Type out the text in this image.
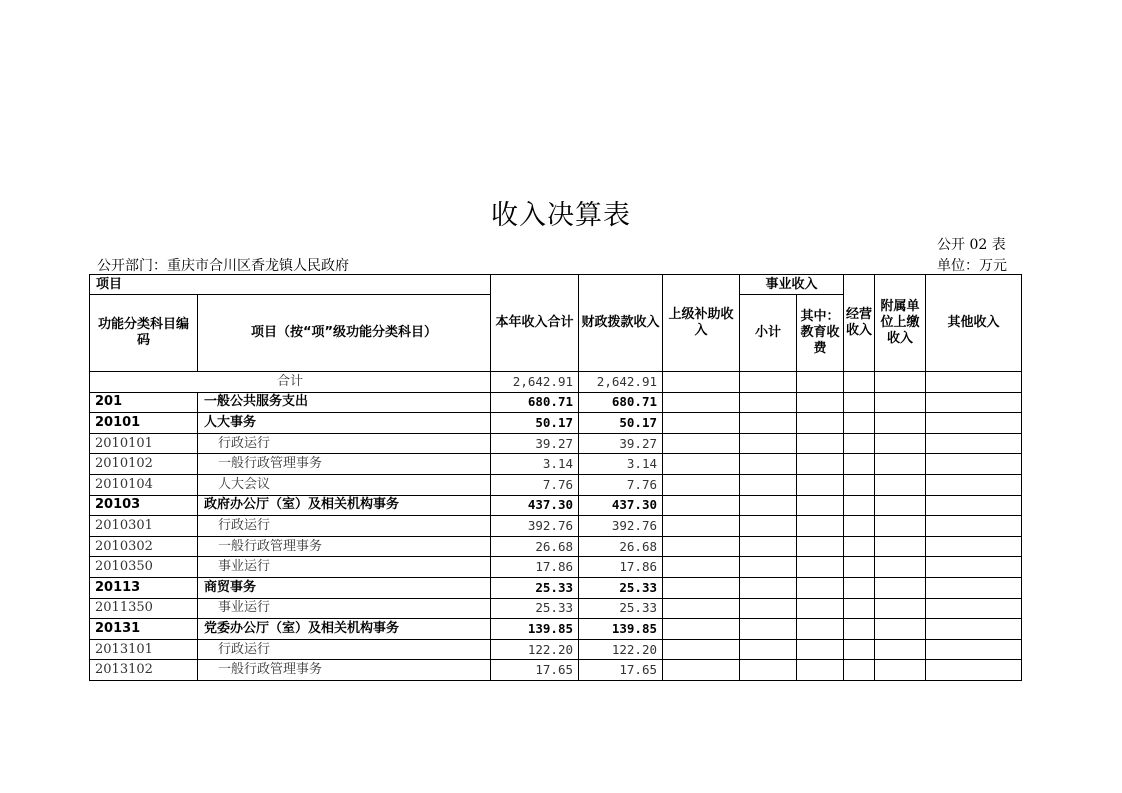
收入决算表
公开 02 表
公开部门：重庆市合川区香龙镇人民政府	单位：万元
项目		本年收入合计	财政拨款收入	上级补助收入	事业收入		经营收入	附属单位上缴收入	其他收入
功能分类科目编码	项目（按“项”级功能分类科目）				小计	其中：教育收费			
合计		2,642.91	2,642.91						
201	一般公共服务支出	680.71	680.71						
20101	人大事务	50.17	50.17						
2010101	行政运行	39.27	39.27						
2010102	一般行政管理事务	3.14	3.14						
2010104	人大会议	7.76	7.76						
20103	政府办公厅（室）及相关机构事务	437.30	437.30						
2010301	行政运行	392.76	392.76						
2010302	一般行政管理事务	26.68	26.68						
2010350	事业运行	17.86	17.86						
20113	商贸事务	25.33	25.33						
2011350	事业运行	25.33	25.33						
20131	党委办公厅（室）及相关机构事务	139.85	139.85						
2013101	行政运行	122.20	122.20						
2013102	一般行政管理事务	17.65	17.65						
